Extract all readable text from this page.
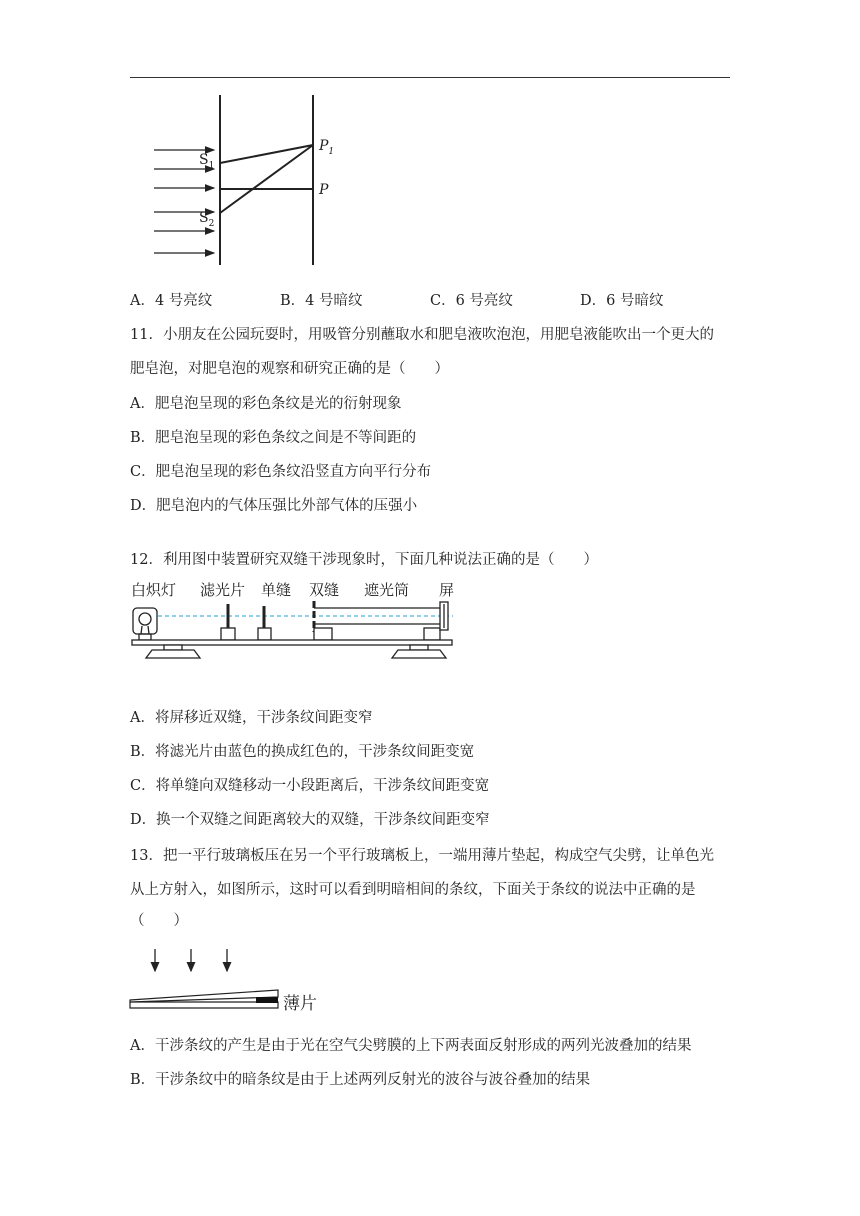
$S_1$
$S_2$
$P_1$
P
A．4 号亮纹	B．4 号暗纹	C．6 号亮纹	D．6 号暗纹
11．小朋友在公园玩耍时，用吸管分别蘸取水和肥皂液吹泡泡，用肥皂液能吹出一个更大的
肥皂泡，对肥皂泡的观察和研究正确的是（　　）
A．肥皂泡呈现的彩色条纹是光的衍射现象
B．肥皂泡呈现的彩色条纹之间是不等间距的
C．肥皂泡呈现的彩色条纹沿竖直方向平行分布
D．肥皂泡内的气体压强比外部气体的压强小
12．利用图中装置研究双缝干涉现象时，下面几种说法正确的是（　　）
白炽灯 滤光片 单缝 双缝 遮光筒 屏
A．将屏移近双缝，干涉条纹间距变窄
B．将滤光片由蓝色的换成红色的，干涉条纹间距变宽
C．将单缝向双缝移动一小段距离后，干涉条纹间距变宽
D．换一个双缝之间距离较大的双缝，干涉条纹间距变窄
13．把一平行玻璃板压在另一个平行玻璃板上，一端用薄片垫起，构成空气尖劈，让单色光
从上方射入，如图所示，这时可以看到明暗相间的条纹，下面关于条纹的说法中正确的是
（　　）
薄片
A．干涉条纹的产生是由于光在空气尖劈膜的上下两表面反射形成的两列光波叠加的结果
B．干涉条纹中的暗条纹是由于上述两列反射光的波谷与波谷叠加的结果
